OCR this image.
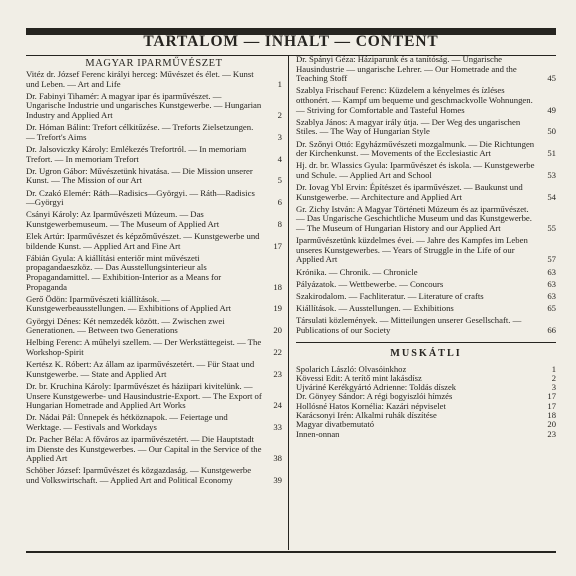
TARTALOM — INHALT — CONTENT
MAGYAR IPARMŰVÉSZET
Vitéz dr. József Ferenc királyi herceg: Művészet és élet. — Kunst und Leben. — Art and Life	1
Dr. Fabinyi Tihamér: A magyar ipar és iparművészet. — Ungarische Industrie und ungarisches Kunstgewerbe. — Hungarian Industry and Applied Art	2
Dr. Hóman Bálint: Trefort célkitűzése. — Treforts Zielsetzungen. — Trefort's Aims	3
Dr. Jalsoviczky Károly: Emlékezés Trefortról. — In memoriam Trefort. — In memoriam Trefort	4
Dr. Ugron Gábor: Művészetünk hivatása. — Die Mission unserer Kunst. — The Mission of our Art	5
Dr. Czakó Elemér: Ráth—Radisics—Györgyi. — Ráth—Radisics—Györgyi	6
Csányi Károly: Az Iparművészeti Múzeum. — Das Kunstgewerbemuseum. — The Museum of Applied Art	8
Elek Artúr: Iparművészet és képzőművészet. — Kunstgewerbe und bildende Kunst. — Applied Art and Fine Art	17
Fábián Gyula: A kiállítási enteriőr mint művészeti propagandaeszköz. — Das Ausstellungsinterieur als Propagandamittel. — Exhibition-Interior as a Means for Propaganda	18
Gerő Ödön: Iparművészeti kiállítások. — Kunstgewerbeausstellungen. — Exhibitions of Applied Art	19
Györgyi Dénes: Két nemzedék között. — Zwischen zwei Generationen. — Between two Generations	20
Helbing Ferenc: A műhelyi szellem. — Der Werkstättegeist. — The Workshop-Spirit	22
Kertész K. Róbert: Az állam az iparművészetért. — Für Staat und Kunstgewerbe. — State and Applied Art	23
Dr. br. Kruchina Károly: Iparművészet és háziipari kivitelünk. — Unsere Kunstgewerbe- und Hausindustrie-Export. — The Export of Hungarian Hometrade and Applied Art Works	24
Dr. Nádai Pál: Ünnepek és hétköznapok. — Feiertage und Werktage. — Festivals and Workdays	33
Dr. Pacher Béla: A főváros az iparművészetért. — Die Hauptstadt im Dienste des Kunstgewerbes. — Our Capital in the Service of the Applied Art	38
Schöber József: Iparművészet és közgazdaság. — Kunstgewerbe und Volkswirtschaft. — Applied Art and Political Economy	39
Dr. Spányi Géza: Háziparunk és a tanítóság. — Ungarische Hausindustrie — ungarische Lehrer. — Our Hometrade and the Teaching Stoff	45
Szablya Frischauf Ferenc: Küzdelem a kényelmes és ízléses otthonért. — Kampf um bequeme und geschmackvolle Wohnungen. — Striving for Comfortable and Tasteful Homes	49
Szablya János: A magyar irály útja. — Der Weg des ungarischen Stiles. — The Way of Hungarian Style	50
Dr. Szőnyi Ottó: Egyházművészeti mozgalmunk. — Die Richtungen der Kirchenkunst. — Movements of the Ecclesiastic Art	51
Hj. dr. br. Wlassics Gyula: Iparművészet és iskola. — Kunstgewerbe und Schule. — Applied Art and School	53
Dr. Iovag Ybl Ervin: Építészet és iparművészet. — Baukunst und Kunstgewerbe. — Architecture and Applied Art	54
Gr. Zichy István: A Magyar Történeti Múzeum és az iparművészet. — Das Ungarische Geschichtliche Museum und das Kunstgewerbe. — The Museum of Hungarian History and our Applied Art	55
Iparművészetünk küzdelmes évei. — Jahre des Kampfes im Leben unseres Kunstgewerbes. — Years of Struggle in the Life of our Applied Art	57
Krónika. — Chronik. — Chronicle	63
Pályázatok. — Wettbewerbe. — Concours	63
Szakirodalom. — Fachliteratur. — Literature of crafts	63
Kiállítások. — Ausstellungen. — Exhibitions	65
Társulati közlemények. — Mitteilungen unserer Gesellschaft. — Publications of our Society	66
MUSKÁTLI
Spolarich László: Olvasóinkhoz	1
Kövessi Edit: A terítő mint lakásdísz	2
Ujváriné Kerékgyártó Adrienne: Toldás díszek	3
Dr. Gönyey Sándor: A régi bogyiszlói hímzés	17
Hollósné Hatos Kornélia: Kazári népviselet	17
Karácsonyi Irén: Alkalmi ruhák díszítése	18
Magyar divatbemutató	20
Innen-onnan	23
